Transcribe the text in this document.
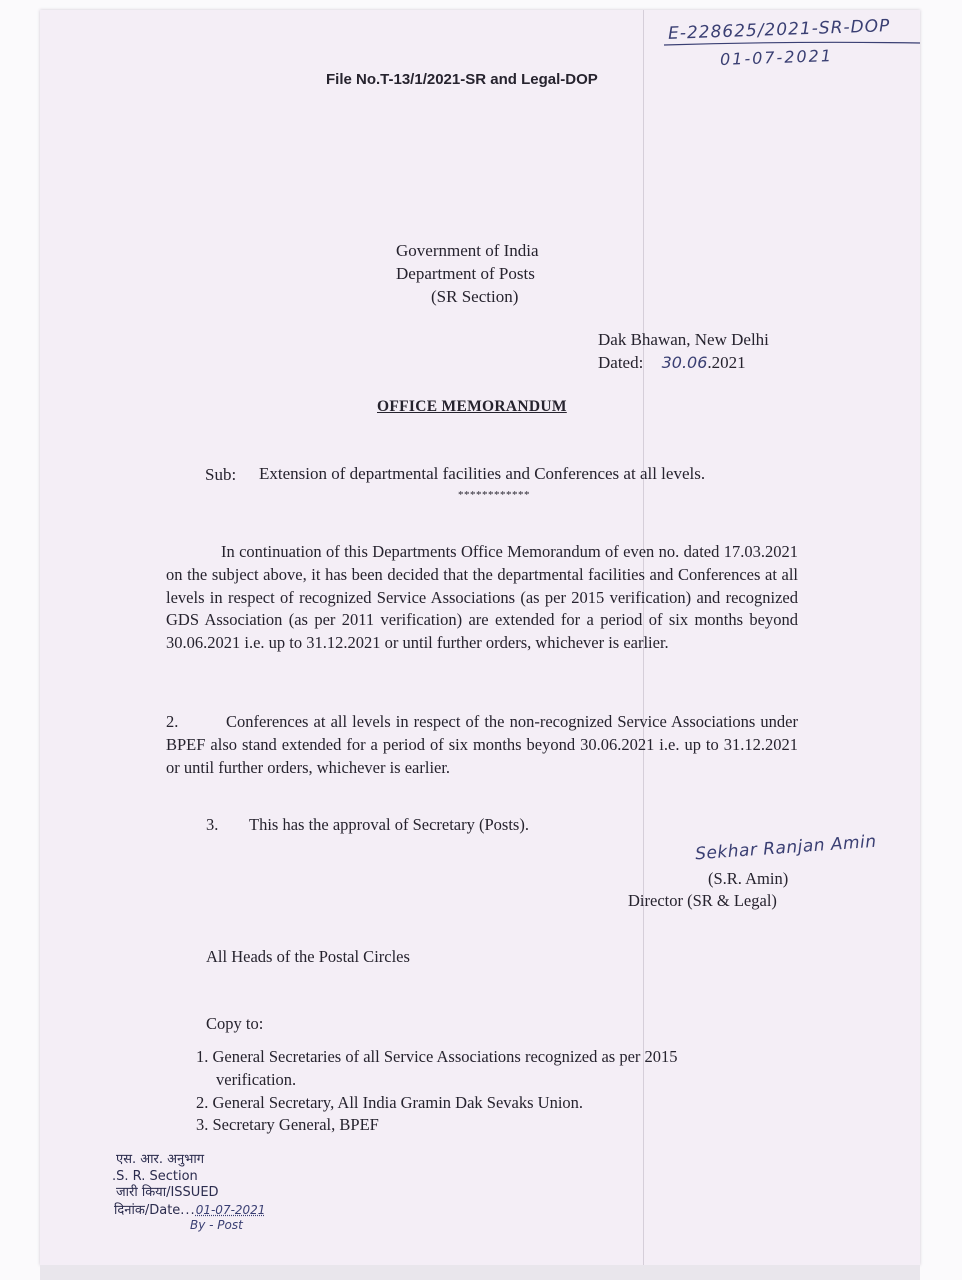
E-228625/2021-SR-DOP
01-07-2021
File No.T-13/1/2021-SR and Legal-DOP
Government of India
Department of Posts
(SR Section)
Dak Bhawan, New Delhi
Dated: 30.06.2021
OFFICE MEMORANDUM
Sub: Extension of departmental facilities and Conferences at all levels.
************
In continuation of this Departments Office Memorandum of even no. dated 17.03.2021 on the subject above, it has been decided that the departmental facilities and Conferences at all levels in respect of recognized Service Associations (as per 2015 verification) and recognized GDS Association (as per 2011 verification) are extended for a period of six months beyond 30.06.2021 i.e. up to 31.12.2021 or until further orders, whichever is earlier.
2.	Conferences at all levels in respect of the non-recognized Service Associations under BPEF also stand extended for a period of six months beyond 30.06.2021 i.e. up to 31.12.2021 or until further orders, whichever is earlier.
3. This has the approval of Secretary (Posts).
Sekhar Ranjan Amin
(S.R. Amin)
Director (SR & Legal)
All Heads of the Postal Circles
Copy to:
1. General Secretaries of all Service Associations recognized as per 2015
verification.
2. General Secretary, All India Gramin Dak Sevaks Union.
3. Secretary General, BPEF
एस. आर. अनुभाग
.S. R. Section
जारी किया/ISSUED
दिनांक/Date...01-07-2021
By - Post
